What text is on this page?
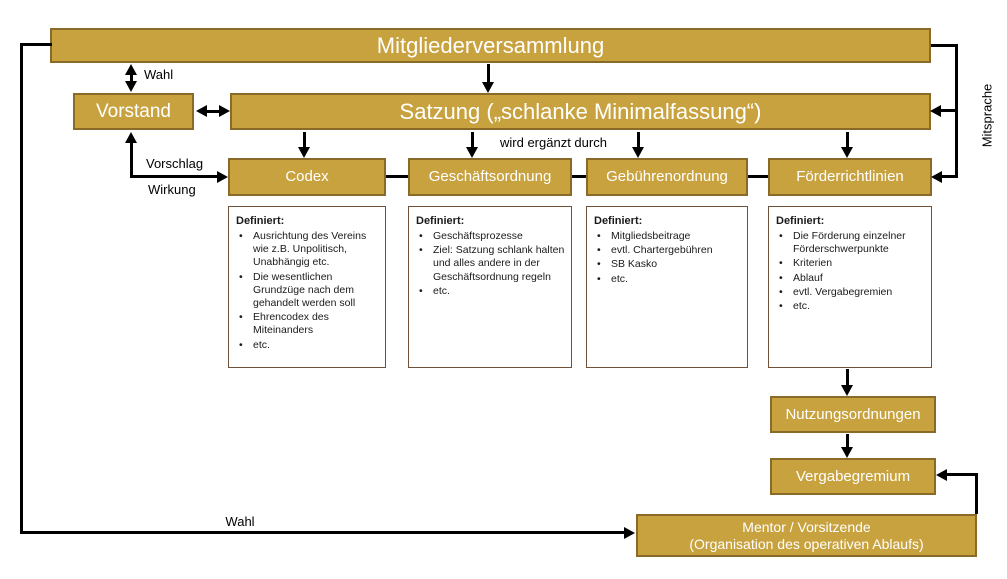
Mitgliederversammlung
Vorstand	Satzung („schlanke Minimalfassung“)
Codex	Geschäftsordnung	Gebührenordnung	Förderrichtlinien

Definiert:

• Ausrichtung des Vereins wie z.B. Unpolitisch, Unabhängig etc.
• Die wesentlichen Grundzüge nach dem gehandelt werden soll
• Ehrencodex des Miteinanders
• etc.

Definiert:

• Geschäftsprozesse
• Ziel: Satzung schlank halten und alles andere in der Geschäftsordnung regeln
• etc.

Definiert:

• Mitgliedsbeitrage
• evtl. Chartergebühren
• SB Kasko
• etc.

Definiert:

• Die Förderung einzelner Förderschwerpunkte
• Kriterien
• Ablauf
• evtl. Vergabegremien
• etc.
Nutzungsordnungen
Vergabegremium
Mentor / Vorsitzende
(Organisation des operativen Ablaufs)
Wahl
Wahl
Vorschlag
Wirkung
wird ergänzt durch	Mitsprache
